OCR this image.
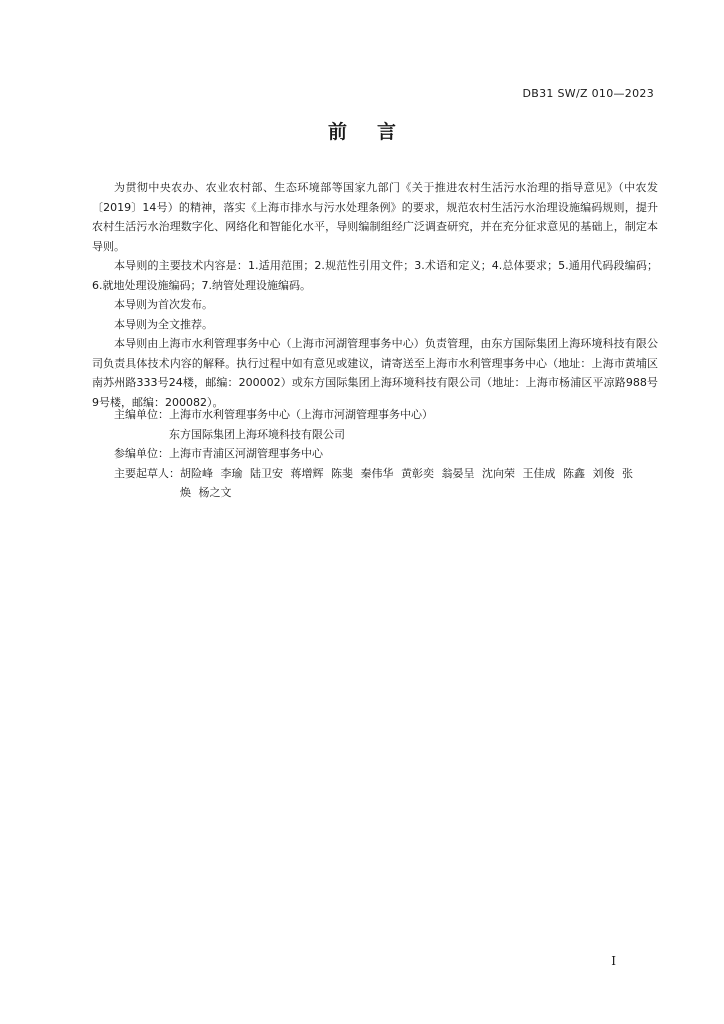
DB31 SW/Z 010—2023
前言

为贯彻中央农办、农业农村部、生态环境部等国家九部门《关于推进农村生活污水治理的指导意见》（中农发〔2019〕14号）的精神，落实《上海市排水与污水处理条例》的要求，规范农村生活污水治理设施编码规则，提升农村生活污水治理数字化、网络化和智能化水平，导则编制组经广泛调查研究，并在充分征求意见的基础上，制定本导则。

本导则的主要技术内容是：1.适用范围；2.规范性引用文件；3.术语和定义；4.总体要求；5.通用代码段编码；6.就地处理设施编码；7.纳管处理设施编码。

本导则为首次发布。

本导则为全文推荐。

本导则由上海市水利管理事务中心（上海市河湖管理事务中心）负责管理，由东方国际集团上海环境科技有限公司负责具体技术内容的解释。执行过程中如有意见或建议，请寄送至上海市水利管理事务中心（地址：上海市黄埔区南苏州路333号24楼，邮编：200002）或东方国际集团上海环境科技有限公司（地址：上海市杨浦区平凉路988号9号楼，邮编：200082）。

主编单位： 上海市水利管理事务中心（上海市河湖管理事务中心）
东方国际集团上海环境科技有限公司
参编单位： 上海市青浦区河湖管理事务中心
主要起草人： 胡险峰 李瑜 陆卫安 蒋增辉 陈斐 秦伟华 黄彰奕 翁晏呈 沈向荣 王佳成 陈鑫 刘俊 张焕 杨之文
I
